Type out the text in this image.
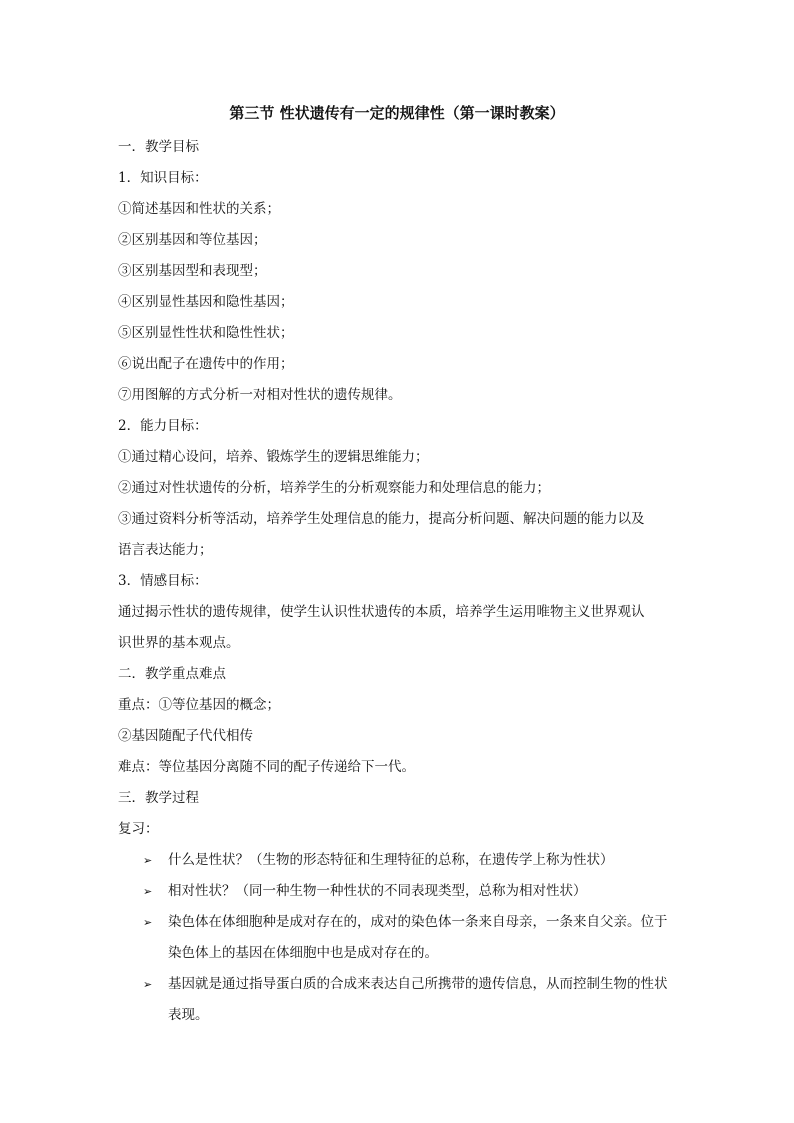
第三节 性状遗传有一定的规律性（第一课时教案）
一．教学目标
1．知识目标：
①简述基因和性状的关系；
②区别基因和等位基因；
③区别基因型和表现型；
④区别显性基因和隐性基因；
⑤区别显性性状和隐性性状；
⑥说出配子在遗传中的作用；
⑦用图解的方式分析一对相对性状的遗传规律。
2．能力目标：
①通过精心设问，培养、锻炼学生的逻辑思维能力；
②通过对性状遗传的分析，培养学生的分析观察能力和处理信息的能力；
③通过资料分析等活动，培养学生处理信息的能力，提高分析问题、解决问题的能力以及
语言表达能力；
3．情感目标：
通过揭示性状的遗传规律，使学生认识性状遗传的本质，培养学生运用唯物主义世界观认
识世界的基本观点。
二．教学重点难点
重点：①等位基因的概念；
②基因随配子代代相传
难点：等位基因分离随不同的配子传递给下一代。
三．教学过程
复习：
➢ 什么是性状？（生物的形态特征和生理特征的总称，在遗传学上称为性状）
➢ 相对性状？（同一种生物一种性状的不同表现类型，总称为相对性状）
➢ 染色体在体细胞种是成对存在的，成对的染色体一条来自母亲，一条来自父亲。位于染色体上的基因在体细胞中也是成对存在的。
➢ 基因就是通过指导蛋白质的合成来表达自己所携带的遗传信息，从而控制生物的性状表现。
